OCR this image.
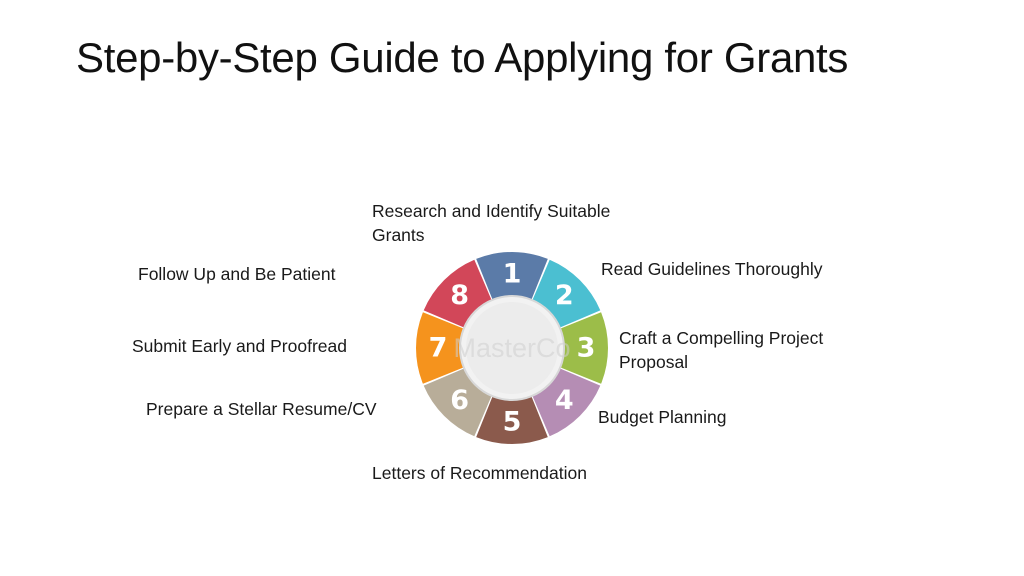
Step-by-Step Guide to Applying for Grants
1
2
3
4
5
6
7
8
MasterCo
Research and Identify Suitable Grants
Read Guidelines Thoroughly
Craft a Compelling Project Proposal
Budget Planning
Letters of Recommendation
Prepare a Stellar Resume/CV
Submit Early and Proofread
Follow Up and Be Patient
